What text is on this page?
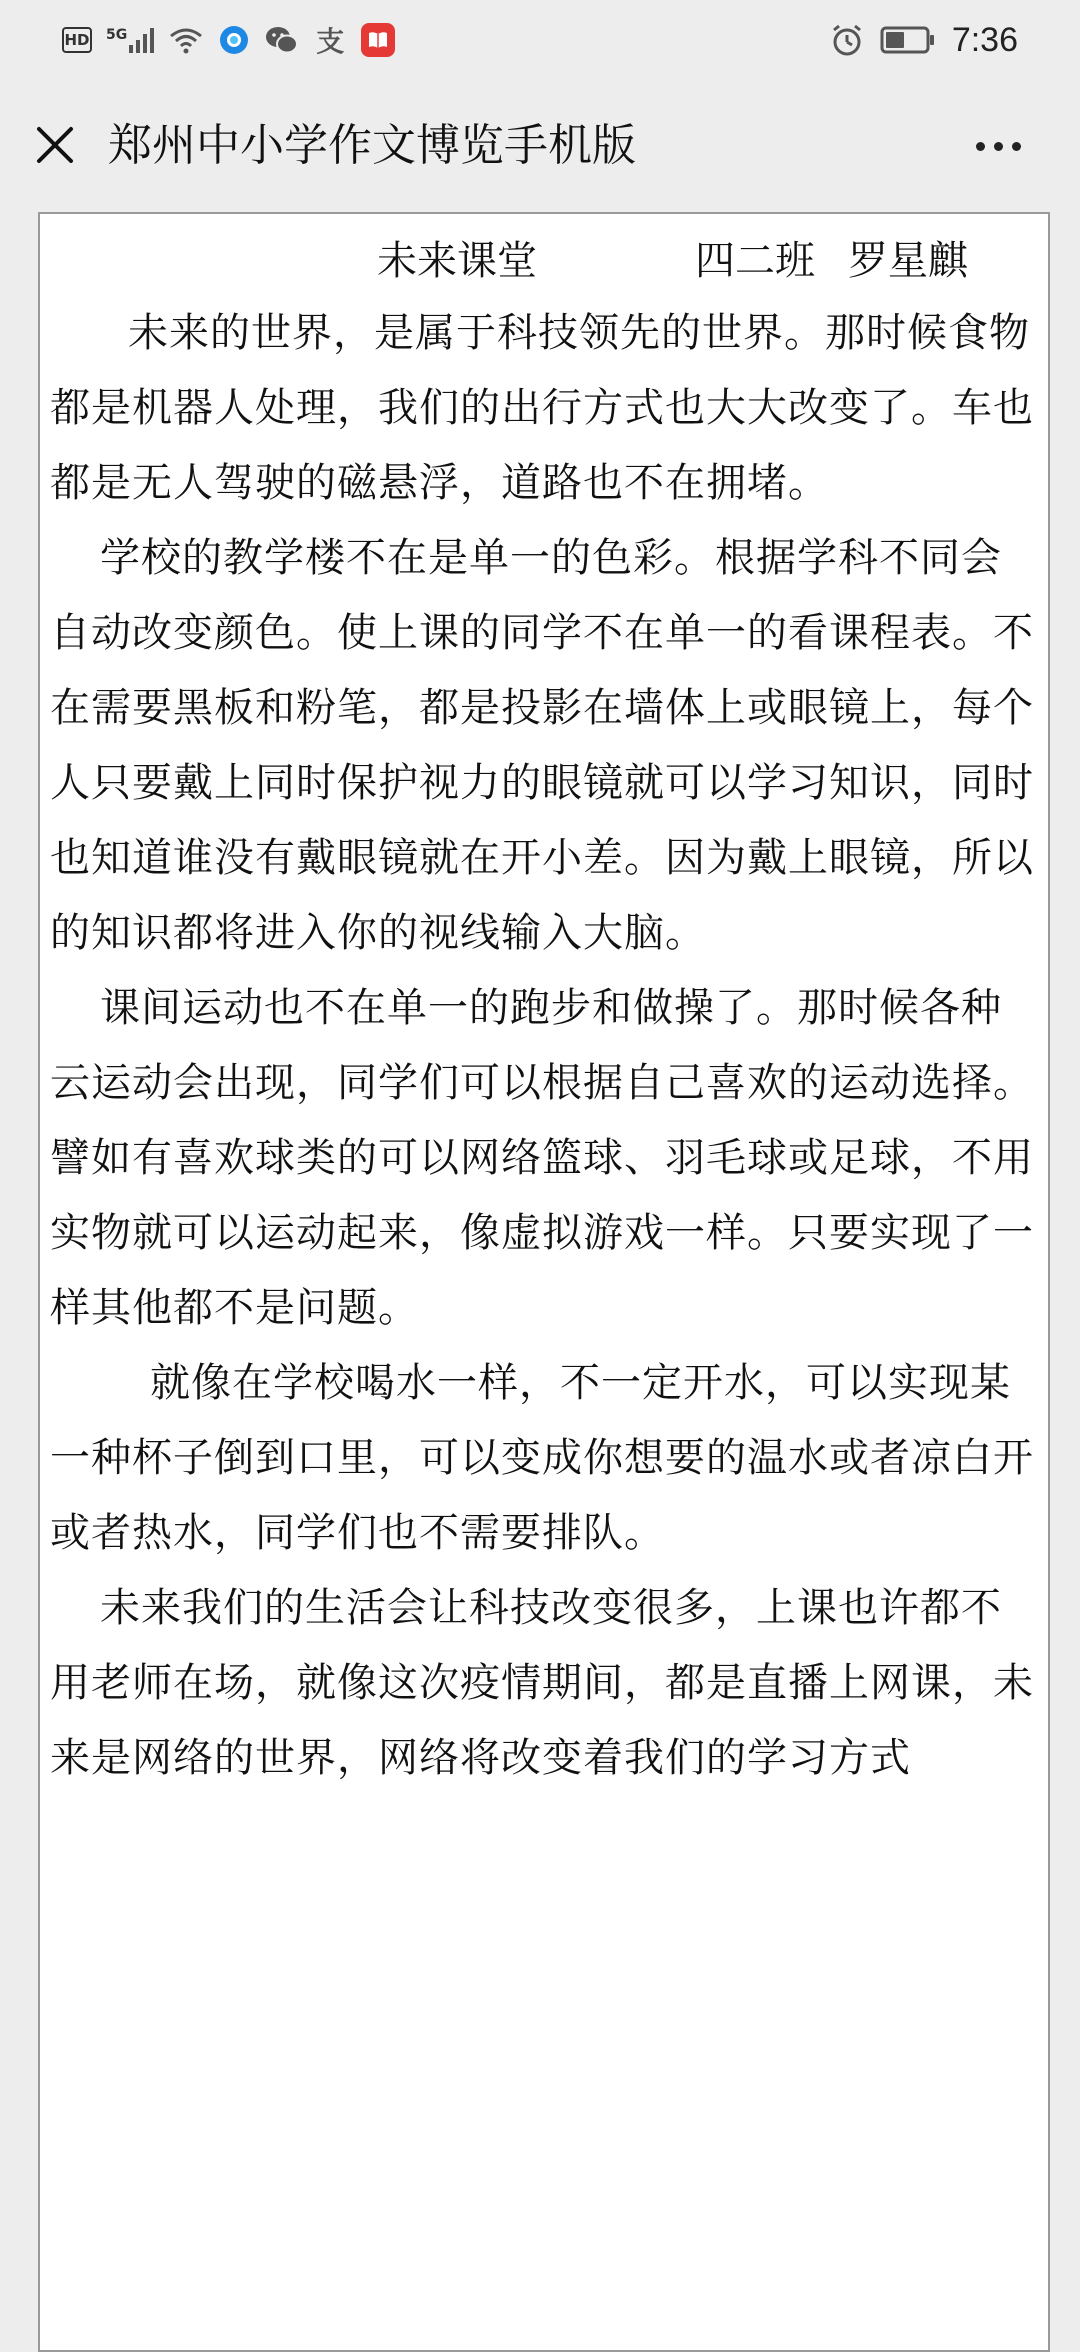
HD 5G	支	7:36
郑州中小学作文博览手机版
未来课堂	四二班 罗星麒

未来的世界，是属于科技领先的世界。那时候食物都是机器人处理，我们的出行方式也大大改变了。车也都是无人驾驶的磁悬浮，道路也不在拥堵。

学校的教学楼不在是单一的色彩。根据学科不同会自动改变颜色。使上课的同学不在单一的看课程表。不在需要黑板和粉笔，都是投影在墙体上或眼镜上，每个人只要戴上同时保护视力的眼镜就可以学习知识，同时也知道谁没有戴眼镜就在开小差。因为戴上眼镜，所以的知识都将进入你的视线输入大脑。

课间运动也不在单一的跑步和做操了。那时候各种云运动会出现，同学们可以根据自己喜欢的运动选择。譬如有喜欢球类的可以网络篮球、羽毛球或足球，不用实物就可以运动起来，像虚拟游戏一样。只要实现了一样其他都不是问题。

就像在学校喝水一样，不一定开水，可以实现某一种杯子倒到口里，可以变成你想要的温水或者凉白开或者热水，同学们也不需要排队。

未来我们的生活会让科技改变很多，上课也许都不用老师在场，就像这次疫情期间，都是直播上网课，未来是网络的世界，网络将改变着我们的学习方式
